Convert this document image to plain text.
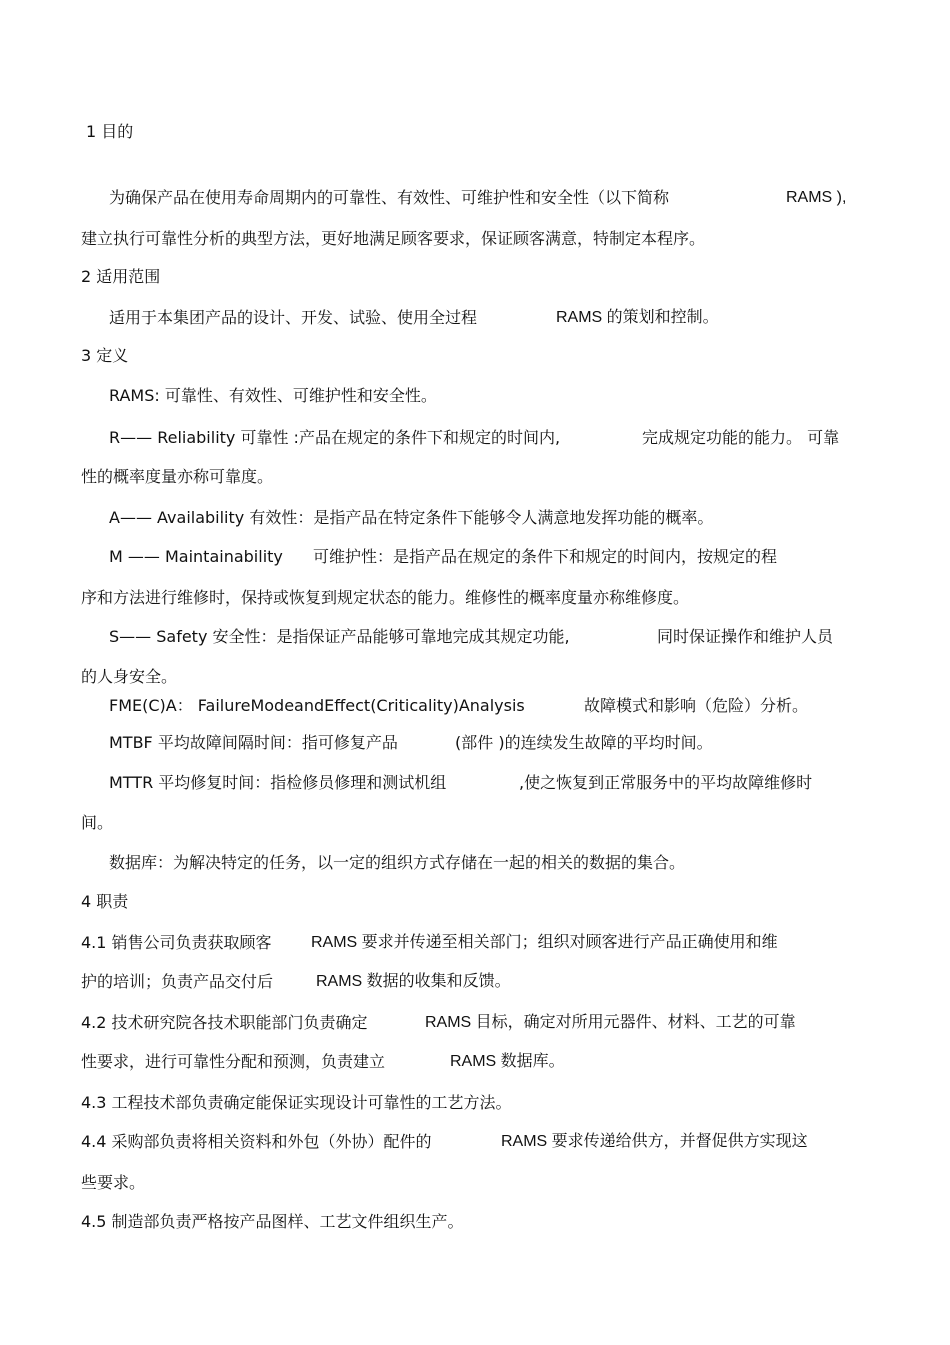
1 目的

为确保产品在使用寿命周期内的可靠性、有效性、可维护性和安全性（以下简称	RAMS ),

建立执行可靠性分析的典型方法，更好地满足顾客要求，保证顾客满意，特制定本程序。

2 适用范围

适用于本集团产品的设计、开发、试验、使用全过程	RAMS 的策划和控制。

3 定义

RAMS: 可靠性、有效性、可维护性和安全性。

R—— Reliability 可靠性 :产品在规定的条件下和规定的时间内,	完成规定功能的能力。 可靠

性的概率度量亦称可靠度。

A—— Availability 有效性：是指产品在特定条件下能够令人满意地发挥功能的概率。

M —— Maintainability 可维护性：是指产品在规定的条件下和规定的时间内，按规定的程

序和方法进行维修时，保持或恢复到规定状态的能力。维修性的概率度量亦称维修度。

S—— Safety 安全性：是指保证产品能够可靠地完成其规定功能,	同时保证操作和维护人员

的人身安全。

FME(C)A： FailureModeandEffect(Criticality)Analysis	故障模式和影响（危险）分析。

MTBF 平均故障间隔时间：指可修复产品	(部件 )的连续发生故障的平均时间。

MTTR 平均修复时间：指检修员修理和测试机组	,使之恢复到正常服务中的平均故障维修时

间。

数据库：为解决特定的任务，以一定的组织方式存储在一起的相关的数据的集合。

4 职责

4.1 销售公司负责获取顾客 RAMS 要求并传递至相关部门；组织对顾客进行产品正确使用和维

护的培训；负责产品交付后	RAMS 数据的收集和反馈。

4.2 技术研究院各技术职能部门负责确定	RAMS 目标，确定对所用元器件、材料、工艺的可靠

性要求，进行可靠性分配和预测，负责建立	RAMS 数据库。

4.3 工程技术部负责确定能保证实现设计可靠性的工艺方法。

4.4 采购部负责将相关资料和外包（外协）配件的	RAMS 要求传递给供方，并督促供方实现这

些要求。

4.5 制造部负责严格按产品图样、工艺文件组织生产。
